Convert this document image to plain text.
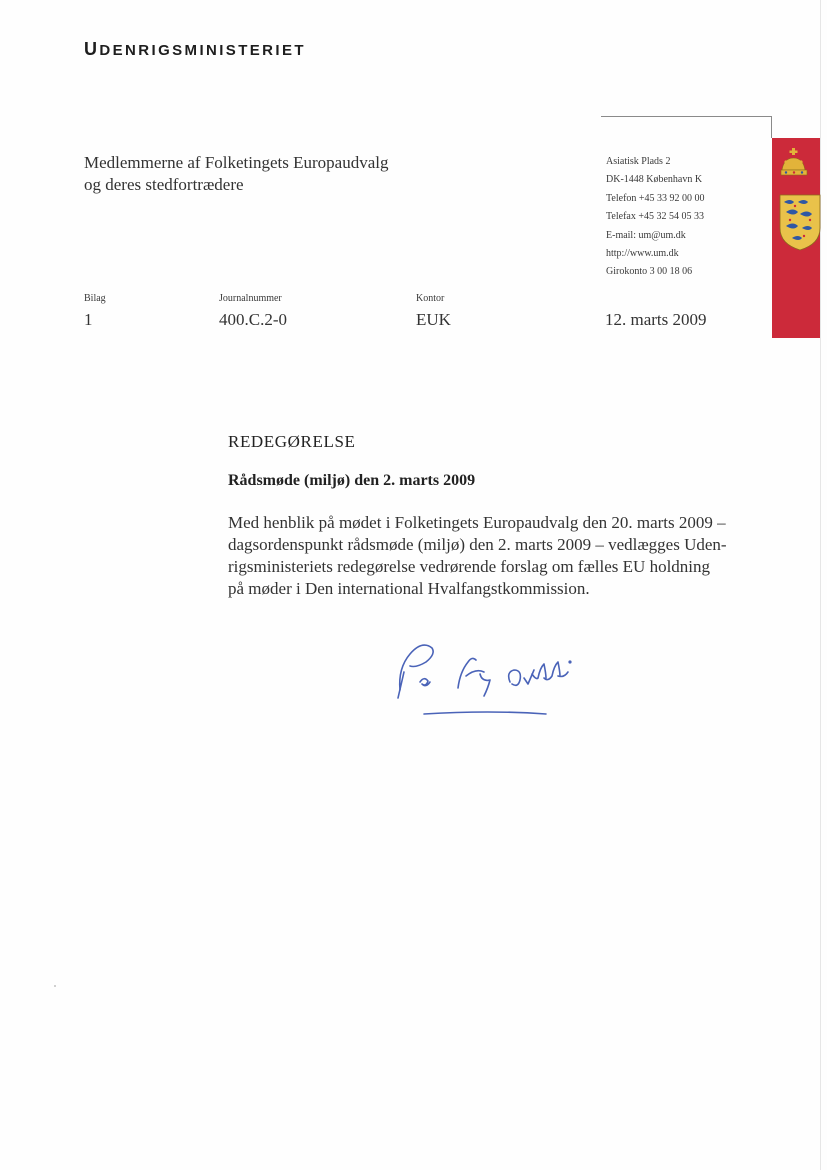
UDENRIGSMINISTERIET
Medlemmerne af Folketingets Europaudvalg
og deres stedfortrædere
Asiatisk Plads 2
DK-1448 København K
Telefon +45 33 92 00 00
Telefax +45 32 54 05 33
E-mail: um@um.dk
http://www.um.dk
Girokonto 3 00 18 06
Bilag
1
Journalnummer
400.C.2-0
Kontor
EUK	12. marts 2009
REDEGØRELSE
Rådsmøde (miljø) den 2. marts 2009
Med henblik på mødet i Folketingets Europaudvalg den 20. marts 2009 –
dagsordenspunkt rådsmøde (miljø) den 2. marts 2009 – vedlægges Uden-
rigsministeriets redegørelse vedrørende forslag om fælles EU holdning
på møder i Den international Hvalfangstkommission.
